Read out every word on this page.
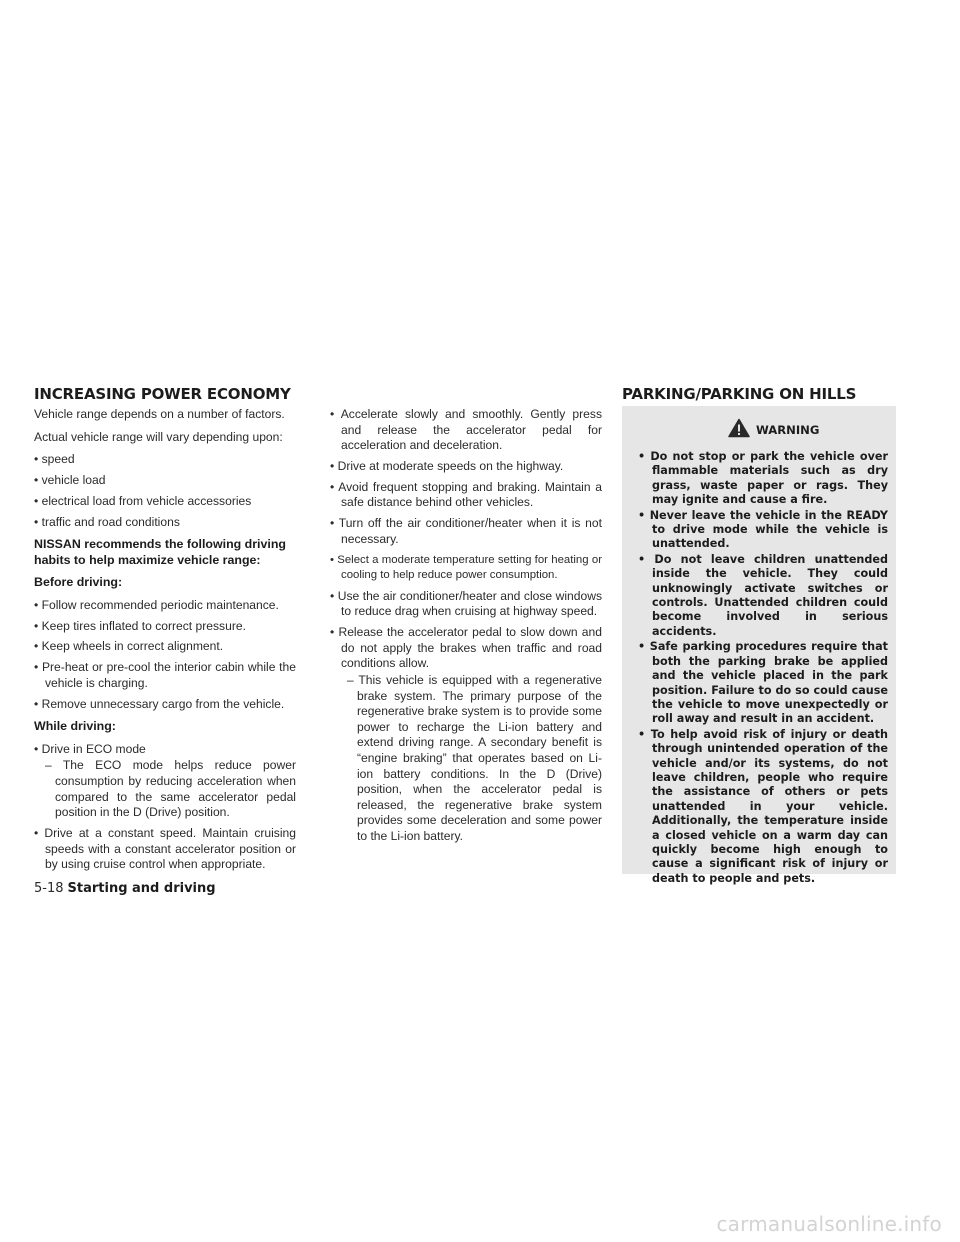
INCREASING POWER ECONOMY

Vehicle range depends on a number of factors.

Actual vehicle range will vary depending upon:

• speed

• vehicle load

• electrical load from vehicle accessories

• traffic and road conditions

NISSAN recommends the following driving habits to help maximize vehicle range:

Before driving:

• Follow recommended periodic maintenance.

• Keep tires inflated to correct pressure.

• Keep wheels in correct alignment.

• Pre-heat or pre-cool the interior cabin while the vehicle is charging.

• Remove unnecessary cargo from the vehicle.

While driving:

• Drive in ECO mode

– The ECO mode helps reduce power consumption by reducing acceleration when compared to the same accelerator pedal position in the D (Drive) position.

• Drive at a constant speed. Maintain cruising speeds with a constant accelerator position or by using cruise control when appropriate.

• Accelerate slowly and smoothly. Gently press and release the accelerator pedal for acceleration and deceleration.

• Drive at moderate speeds on the highway.

• Avoid frequent stopping and braking. Maintain a safe distance behind other vehicles.

• Turn off the air conditioner/heater when it is not necessary.

• Select a moderate temperature setting for heating or cooling to help reduce power consumption.

• Use the air conditioner/heater and close windows to reduce drag when cruising at highway speed.

• Release the accelerator pedal to slow down and do not apply the brakes when traffic and road conditions allow.

– This vehicle is equipped with a regenerative brake system. The primary purpose of the regenerative brake system is to provide some power to recharge the Li-ion battery and extend driving range. A secondary benefit is “engine braking” that operates based on Li-ion battery conditions. In the D (Drive) position, when the accelerator pedal is released, the regenerative brake system provides some deceleration and some power to the Li-ion battery.

PARKING/PARKING ON HILLS
WARNING

• Do not stop or park the vehicle over flammable materials such as dry grass, waste paper or rags. They may ignite and cause a fire.

• Never leave the vehicle in the READY to drive mode while the vehicle is unattended.

• Do not leave children unattended inside the vehicle. They could unknowingly activate switches or controls. Unattended children could become involved in serious accidents.

• Safe parking procedures require that both the parking brake be applied and the vehicle placed in the park position. Failure to do so could cause the vehicle to move unexpectedly or roll away and result in an accident.

• To help avoid risk of injury or death through unintended operation of the vehicle and/or its systems, do not leave children, people who require the assistance of others or pets unattended in your vehicle. Additionally, the temperature inside a closed vehicle on a warm day can quickly become high enough to cause a significant risk of injury or death to people and pets.

5-18 Starting and driving
carmanualsonline.info
